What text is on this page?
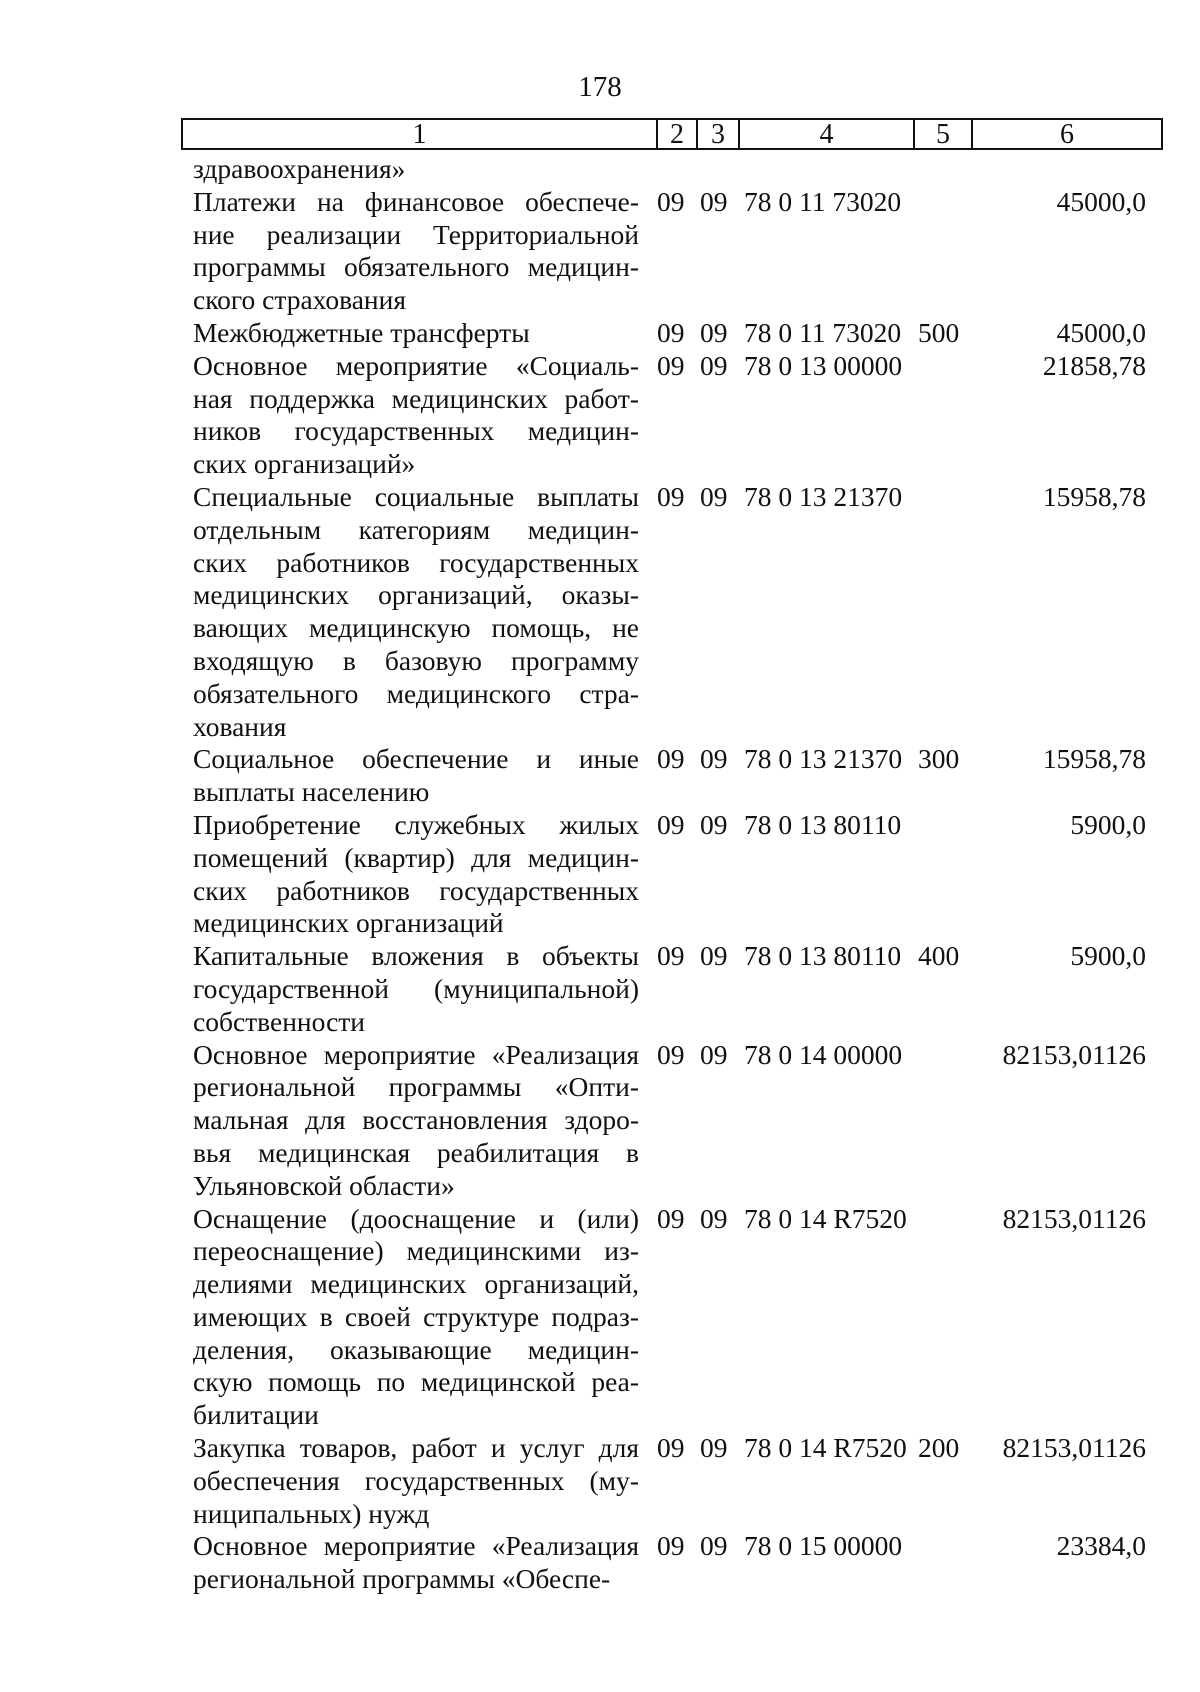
178
1	2 3	4	5	6
здравоохранения»
Платежи на финансовое обеспече-
ние реализации Территориальной
программы обязательного медицин-
ского страхования
09 09 78 0 11 73020	45000,0
Межбюджетные трансферты	09 09 78 0 11 73020 500	45000,0
Основное мероприятие «Социаль-
ная поддержка медицинских работ-
ников государственных медицин-
ских организаций»
09 09 78 0 13 00000	21858,78
Специальные социальные выплаты
отдельным категориям медицин-
ских работников государственных
медицинских организаций, оказы-
вающих медицинскую помощь, не
входящую в базовую программу
обязательного медицинского стра-
хования
09 09 78 0 13 21370	15958,78
Социальное обеспечение и иные
выплаты населению
09 09 78 0 13 21370 300	15958,78
Приобретение служебных жилых
помещений (квартир) для медицин-
ских работников государственных
медицинских организаций
09 09 78 0 13 80110	5900,0
Капитальные вложения в объекты
государственной (муниципальной)
собственности
09 09 78 0 13 80110 400	5900,0
Основное мероприятие «Реализация
региональной программы «Опти-
мальная для восстановления здоро-
вья медицинская реабилитация в
Ульяновской области»
09 09 78 0 14 00000	82153,01126
Оснащение (дооснащение и (или)
переоснащение) медицинскими из-
делиями медицинских организаций,
имеющих в своей структуре подраз-
деления, оказывающие медицин-
скую помощь по медицинской реа-
билитации
09 09 78 0 14 R7520	82153,01126
Закупка товаров, работ и услуг для
обеспечения государственных (му-
ниципальных) нужд
09 09 78 0 14 R7520 200 82153,01126
Основное мероприятие «Реализация
региональной программы «Обеспе-
09 09 78 0 15 00000	23384,0
